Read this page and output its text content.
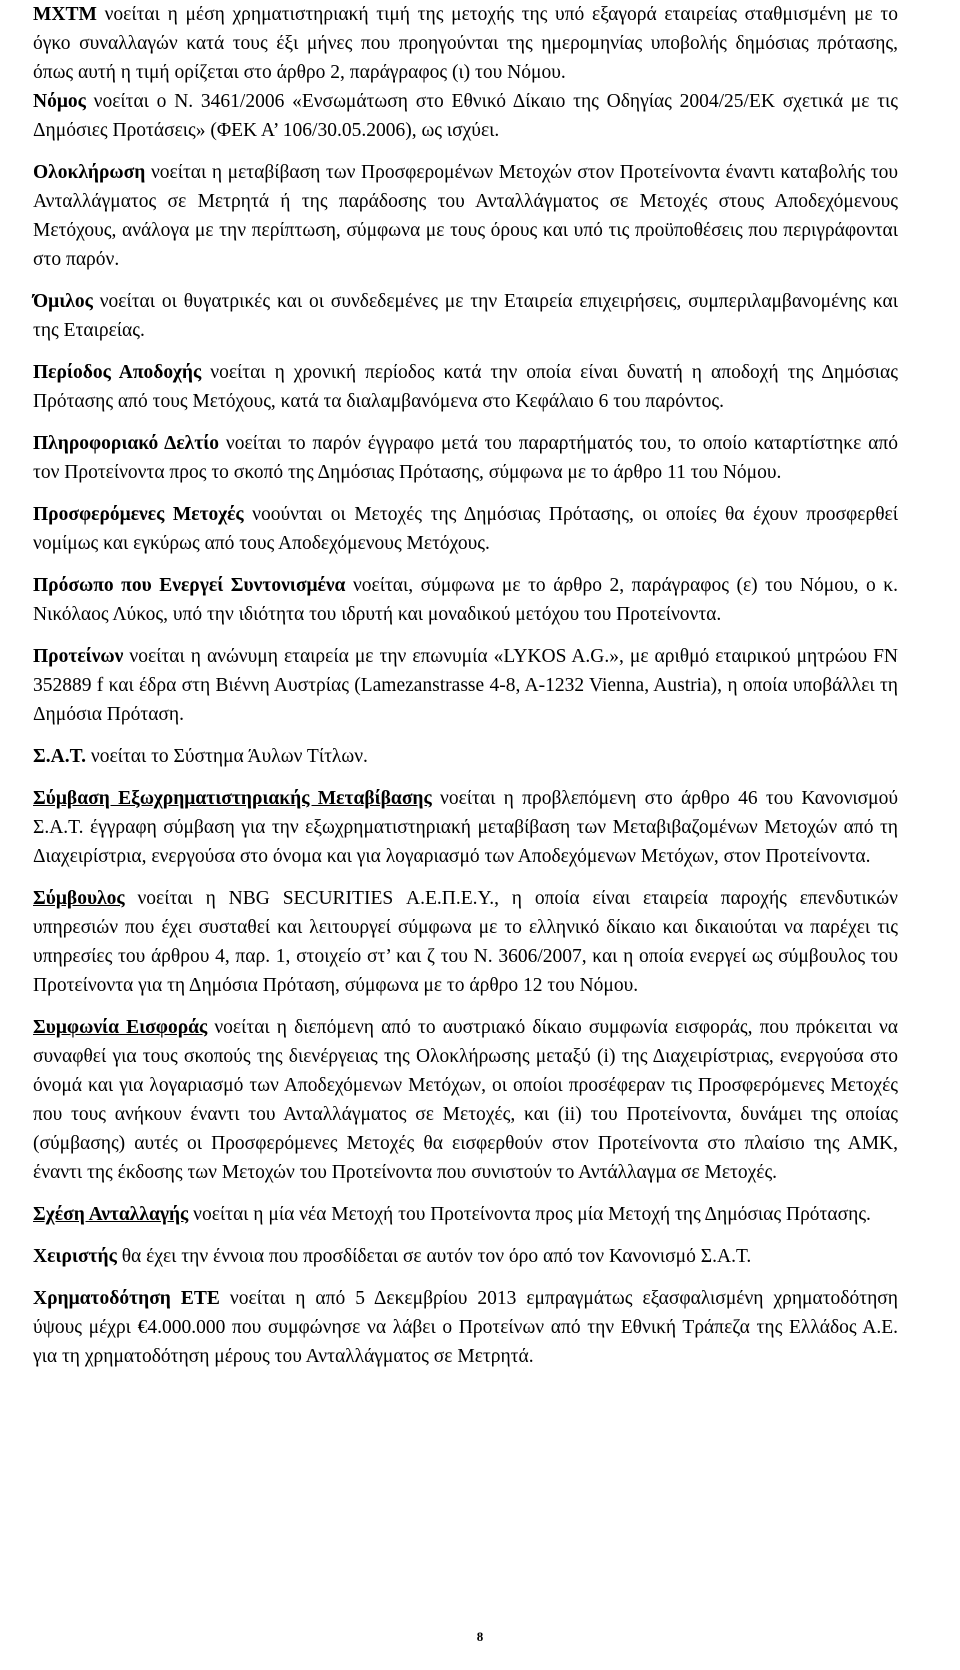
ΜΧΤΜ νοείται η μέση χρηματιστηριακή τιμή της μετοχής της υπό εξαγορά εταιρείας σταθμισμένη με το όγκο συναλλαγών κατά τους έξι μήνες που προηγούνται της ημερομηνίας υποβολής δημόσιας πρότασης, όπως αυτή η τιμή ορίζεται στο άρθρο 2, παράγραφος (ι) του Νόμου.

Νόμος νοείται ο Ν. 3461/2006 «Ενσωμάτωση στο Εθνικό Δίκαιο της Οδηγίας 2004/25/ΕΚ σχετικά με τις Δημόσιες Προτάσεις» (ΦΕΚ Α’ 106/30.05.2006), ως ισχύει.

Ολοκλήρωση νοείται η μεταβίβαση των Προσφερομένων Μετοχών στον Προτείνοντα έναντι καταβολής του Ανταλλάγματος σε Μετρητά ή της παράδοσης του Ανταλλάγματος σε Μετοχές στους Αποδεχόμενους Μετόχους, ανάλογα με την περίπτωση, σύμφωνα με τους όρους και υπό τις προϋποθέσεις που περιγράφονται στο παρόν.

Όμιλος νοείται οι θυγατρικές και οι συνδεδεμένες με την Εταιρεία επιχειρήσεις, συμπεριλαμβανομένης και της Εταιρείας.

Περίοδος Αποδοχής νοείται η χρονική περίοδος κατά την οποία είναι δυνατή η αποδοχή της Δημόσιας Πρότασης από τους Μετόχους, κατά τα διαλαμβανόμενα στο Κεφάλαιο 6 του παρόντος.

Πληροφοριακό Δελτίο νοείται το παρόν έγγραφο μετά του παραρτήματός του, το οποίο καταρτίστηκε από τον Προτείνοντα προς το σκοπό της Δημόσιας Πρότασης, σύμφωνα με το άρθρο 11 του Νόμου.

Προσφερόμενες Μετοχές νοούνται οι Μετοχές της Δημόσιας Πρότασης, οι οποίες θα έχουν προσφερθεί νομίμως και εγκύρως από τους Αποδεχόμενους Μετόχους.

Πρόσωπο που Ενεργεί Συντονισμένα νοείται, σύμφωνα με το άρθρο 2, παράγραφος (ε) του Νόμου, ο κ. Νικόλαος Λύκος, υπό την ιδιότητα του ιδρυτή και μοναδικού μετόχου του Προτείνοντα.

Προτείνων νοείται η ανώνυμη εταιρεία με την επωνυμία «LYKOS A.G.», με αριθμό εταιρικού μητρώου FN 352889 f και έδρα στη Βιέννη Αυστρίας (Lamezanstrasse 4-8, A-1232 Vienna, Austria), η οποία υποβάλλει τη Δημόσια Πρόταση.

Σ.Α.Τ. νοείται το Σύστημα Άυλων Τίτλων.

Σύμβαση Εξωχρηματιστηριακής Μεταβίβασης νοείται η προβλεπόμενη στο άρθρο 46 του Κανονισμού Σ.Α.Τ. έγγραφη σύμβαση για την εξωχρηματιστηριακή μεταβίβαση των Μεταβιβαζομένων Μετοχών από τη Διαχειρίστρια, ενεργούσα στο όνομα και για λογαριασμό των Αποδεχόμενων Μετόχων, στον Προτείνοντα.

Σύμβουλος νοείται η NBG SECURITIES Α.Ε.Π.Ε.Υ., η οποία είναι εταιρεία παροχής επενδυτικών υπηρεσιών που έχει συσταθεί και λειτουργεί σύμφωνα με το ελληνικό δίκαιο και δικαιούται να παρέχει τις υπηρεσίες του άρθρου 4, παρ. 1, στοιχείο στ’ και ζ του Ν. 3606/2007, και η οποία ενεργεί ως σύμβουλος του Προτείνοντα για τη Δημόσια Πρόταση, σύμφωνα με το άρθρο 12 του Νόμου.

Συμφωνία Εισφοράς νοείται η διεπόμενη από το αυστριακό δίκαιο συμφωνία εισφοράς, που πρόκειται να συναφθεί για τους σκοπούς της διενέργειας της Ολοκλήρωσης μεταξύ (i) της Διαχειρίστριας, ενεργούσα στο όνομά και για λογαριασμό των Αποδεχόμενων Μετόχων, οι οποίοι προσέφεραν τις Προσφερόμενες Μετοχές που τους ανήκουν έναντι του Ανταλλάγματος σε Μετοχές, και (ii) του Προτείνοντα, δυνάμει της οποίας (σύμβασης) αυτές οι Προσφερόμενες Μετοχές θα εισφερθούν στον Προτείνοντα στο πλαίσιο της ΑΜΚ, έναντι της έκδοσης των Μετοχών του Προτείνοντα που συνιστούν το Αντάλλαγμα σε Μετοχές.

Σχέση Ανταλλαγής νοείται η μία νέα Μετοχή του Προτείνοντα προς μία Μετοχή της Δημόσιας Πρότασης.

Χειριστής θα έχει την έννοια που προσδίδεται σε αυτόν τον όρο από τον Κανονισμό Σ.Α.Τ.

Χρηματοδότηση ΕΤΕ νοείται η από 5 Δεκεμβρίου 2013 εμπραγμάτως εξασφαλισμένη χρηματοδότηση ύψους μέχρι €4.000.000 που συμφώνησε να λάβει ο Προτείνων από την Εθνική Τράπεζα της Ελλάδος Α.Ε. για τη χρηματοδότηση μέρους του Ανταλλάγματος σε Μετρητά.

8
